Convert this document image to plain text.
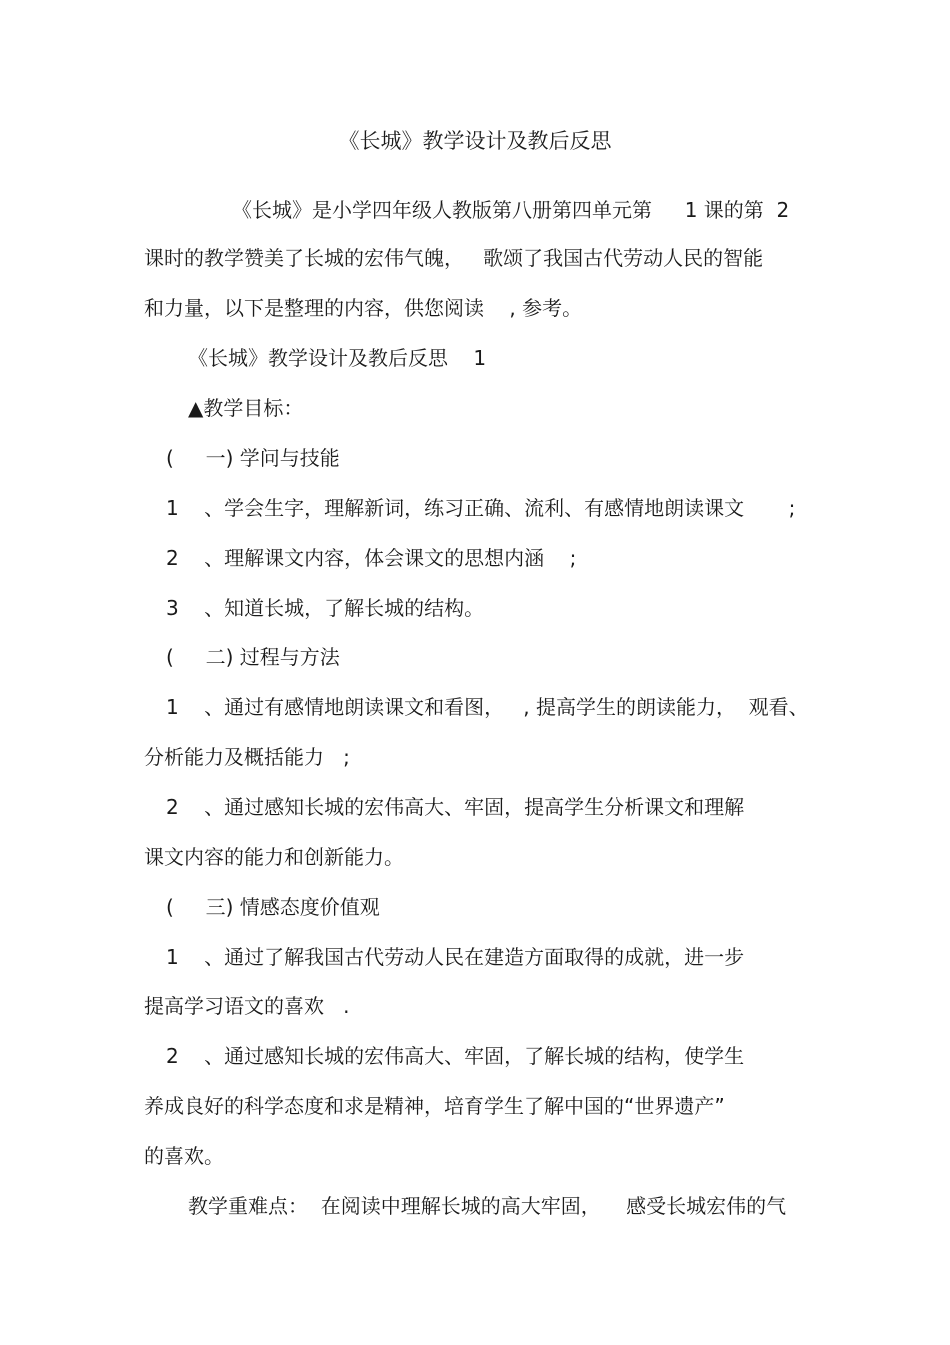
《长城》教学设计及教后反思
《长城》是小学四年级人教版第八册第四单元第　  1 课的第  2
课时的教学赞美了长城的宏伟气魄，   歌颂了我国古代劳动人民的智能
和力量，以下是整理的内容，供您阅读    , 参考。
《长城》教学设计及教后反思    1
▲教学目标：
(     一) 学问与技能
1    、学会生字，理解新词，练习正确、流利、有感情地朗读课文       ;
2    、理解课文内容，体会课文的思想内涵    ;
3    、知道长城，了解长城的结构。
(     二) 过程与方法
1    、通过有感情地朗读课文和看图，   , 提高学生的朗读能力，  观看、
分析能力及概括能力   ;
2    、通过感知长城的宏伟高大、牢固，提高学生分析课文和理解
课文内容的能力和创新能力。
(     三) 情感态度价值观
1    、通过了解我国古代劳动人民在建造方面取得的成就，进一步
提高学习语文的喜欢   .
2    、通过感知长城的宏伟高大、牢固，了解长城的结构，使学生
养成良好的科学态度和求是精神，培育学生了解中国的“世界遗产”
的喜欢。
教学重难点：  在阅读中理解长城的高大牢固，    感受长城宏伟的气
